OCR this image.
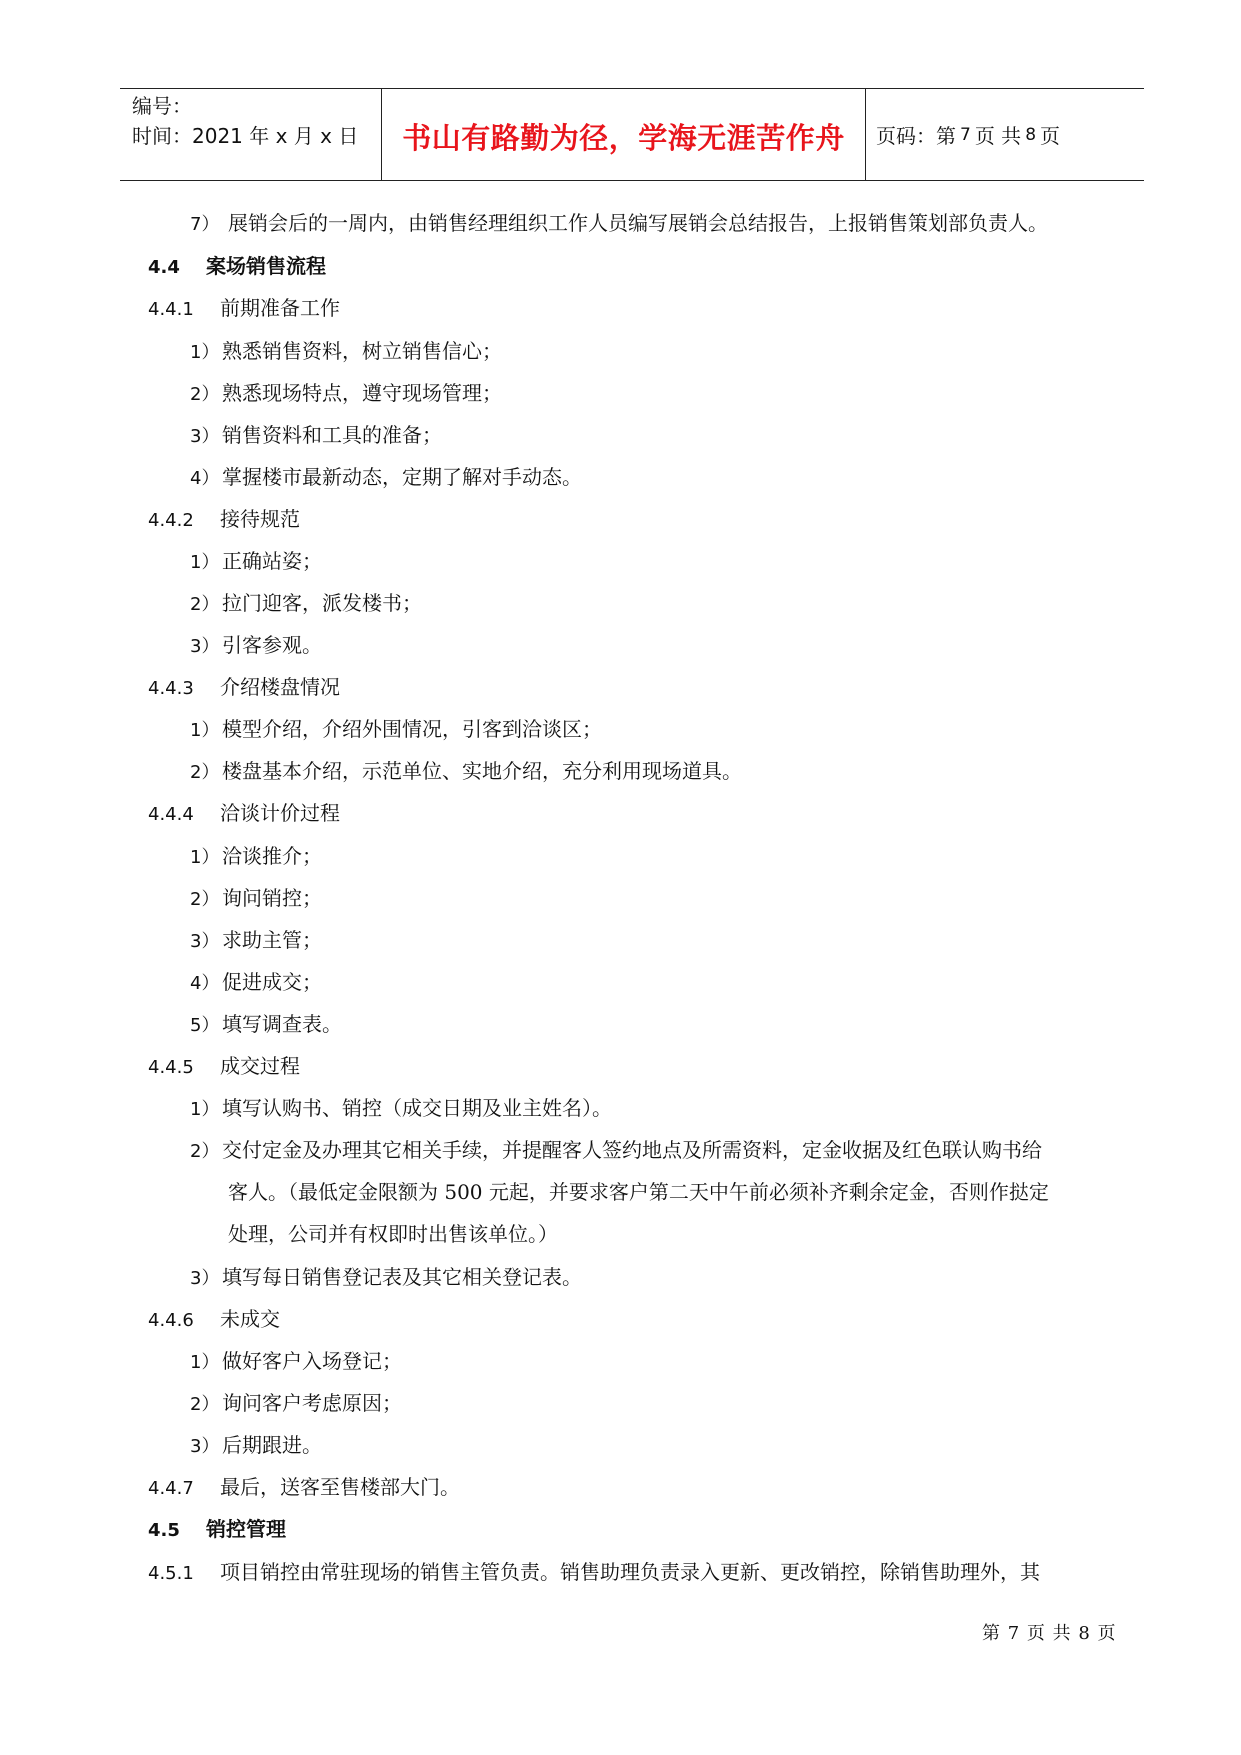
编号：
时间：2021 年 x 月 x 日	书山有路勤为径，学海无涯苦作舟	页码：第 7 页 共 8 页
7） 展销会后的一周内，由销售经理组织工作人员编写展销会总结报告，上报销售策划部负责人。
4.4 案场销售流程
4.4.1 前期准备工作
1） 熟悉销售资料，树立销售信心；
2） 熟悉现场特点，遵守现场管理；
3） 销售资料和工具的准备；
4） 掌握楼市最新动态，定期了解对手动态。
4.4.2 接待规范
1） 正确站姿；
2） 拉门迎客，派发楼书；
3） 引客参观。
4.4.3 介绍楼盘情况
1） 模型介绍，介绍外围情况，引客到洽谈区；
2） 楼盘基本介绍，示范单位、实地介绍，充分利用现场道具。
4.4.4 洽谈计价过程
1） 洽谈推介；
2） 询问销控；
3） 求助主管；
4） 促进成交；
5） 填写调查表。
4.4.5 成交过程
1） 填写认购书、销控（成交日期及业主姓名）。
2） 交付定金及办理其它相关手续，并提醒客人签约地点及所需资料，定金收据及红色联认购书给
客人。（最低定金限额为 500 元起，并要求客户第二天中午前必须补齐剩余定金，否则作挞定
处理，公司并有权即时出售该单位。）
3） 填写每日销售登记表及其它相关登记表。
4.4.6 未成交
1） 做好客户入场登记；
2） 询问客户考虑原因；
3） 后期跟进。
4.4.7 最后，送客至售楼部大门。
4.5 销控管理
4.5.1 项目销控由常驻现场的销售主管负责。销售助理负责录入更新、更改销控，除销售助理外，其
第 7 页 共 8 页
